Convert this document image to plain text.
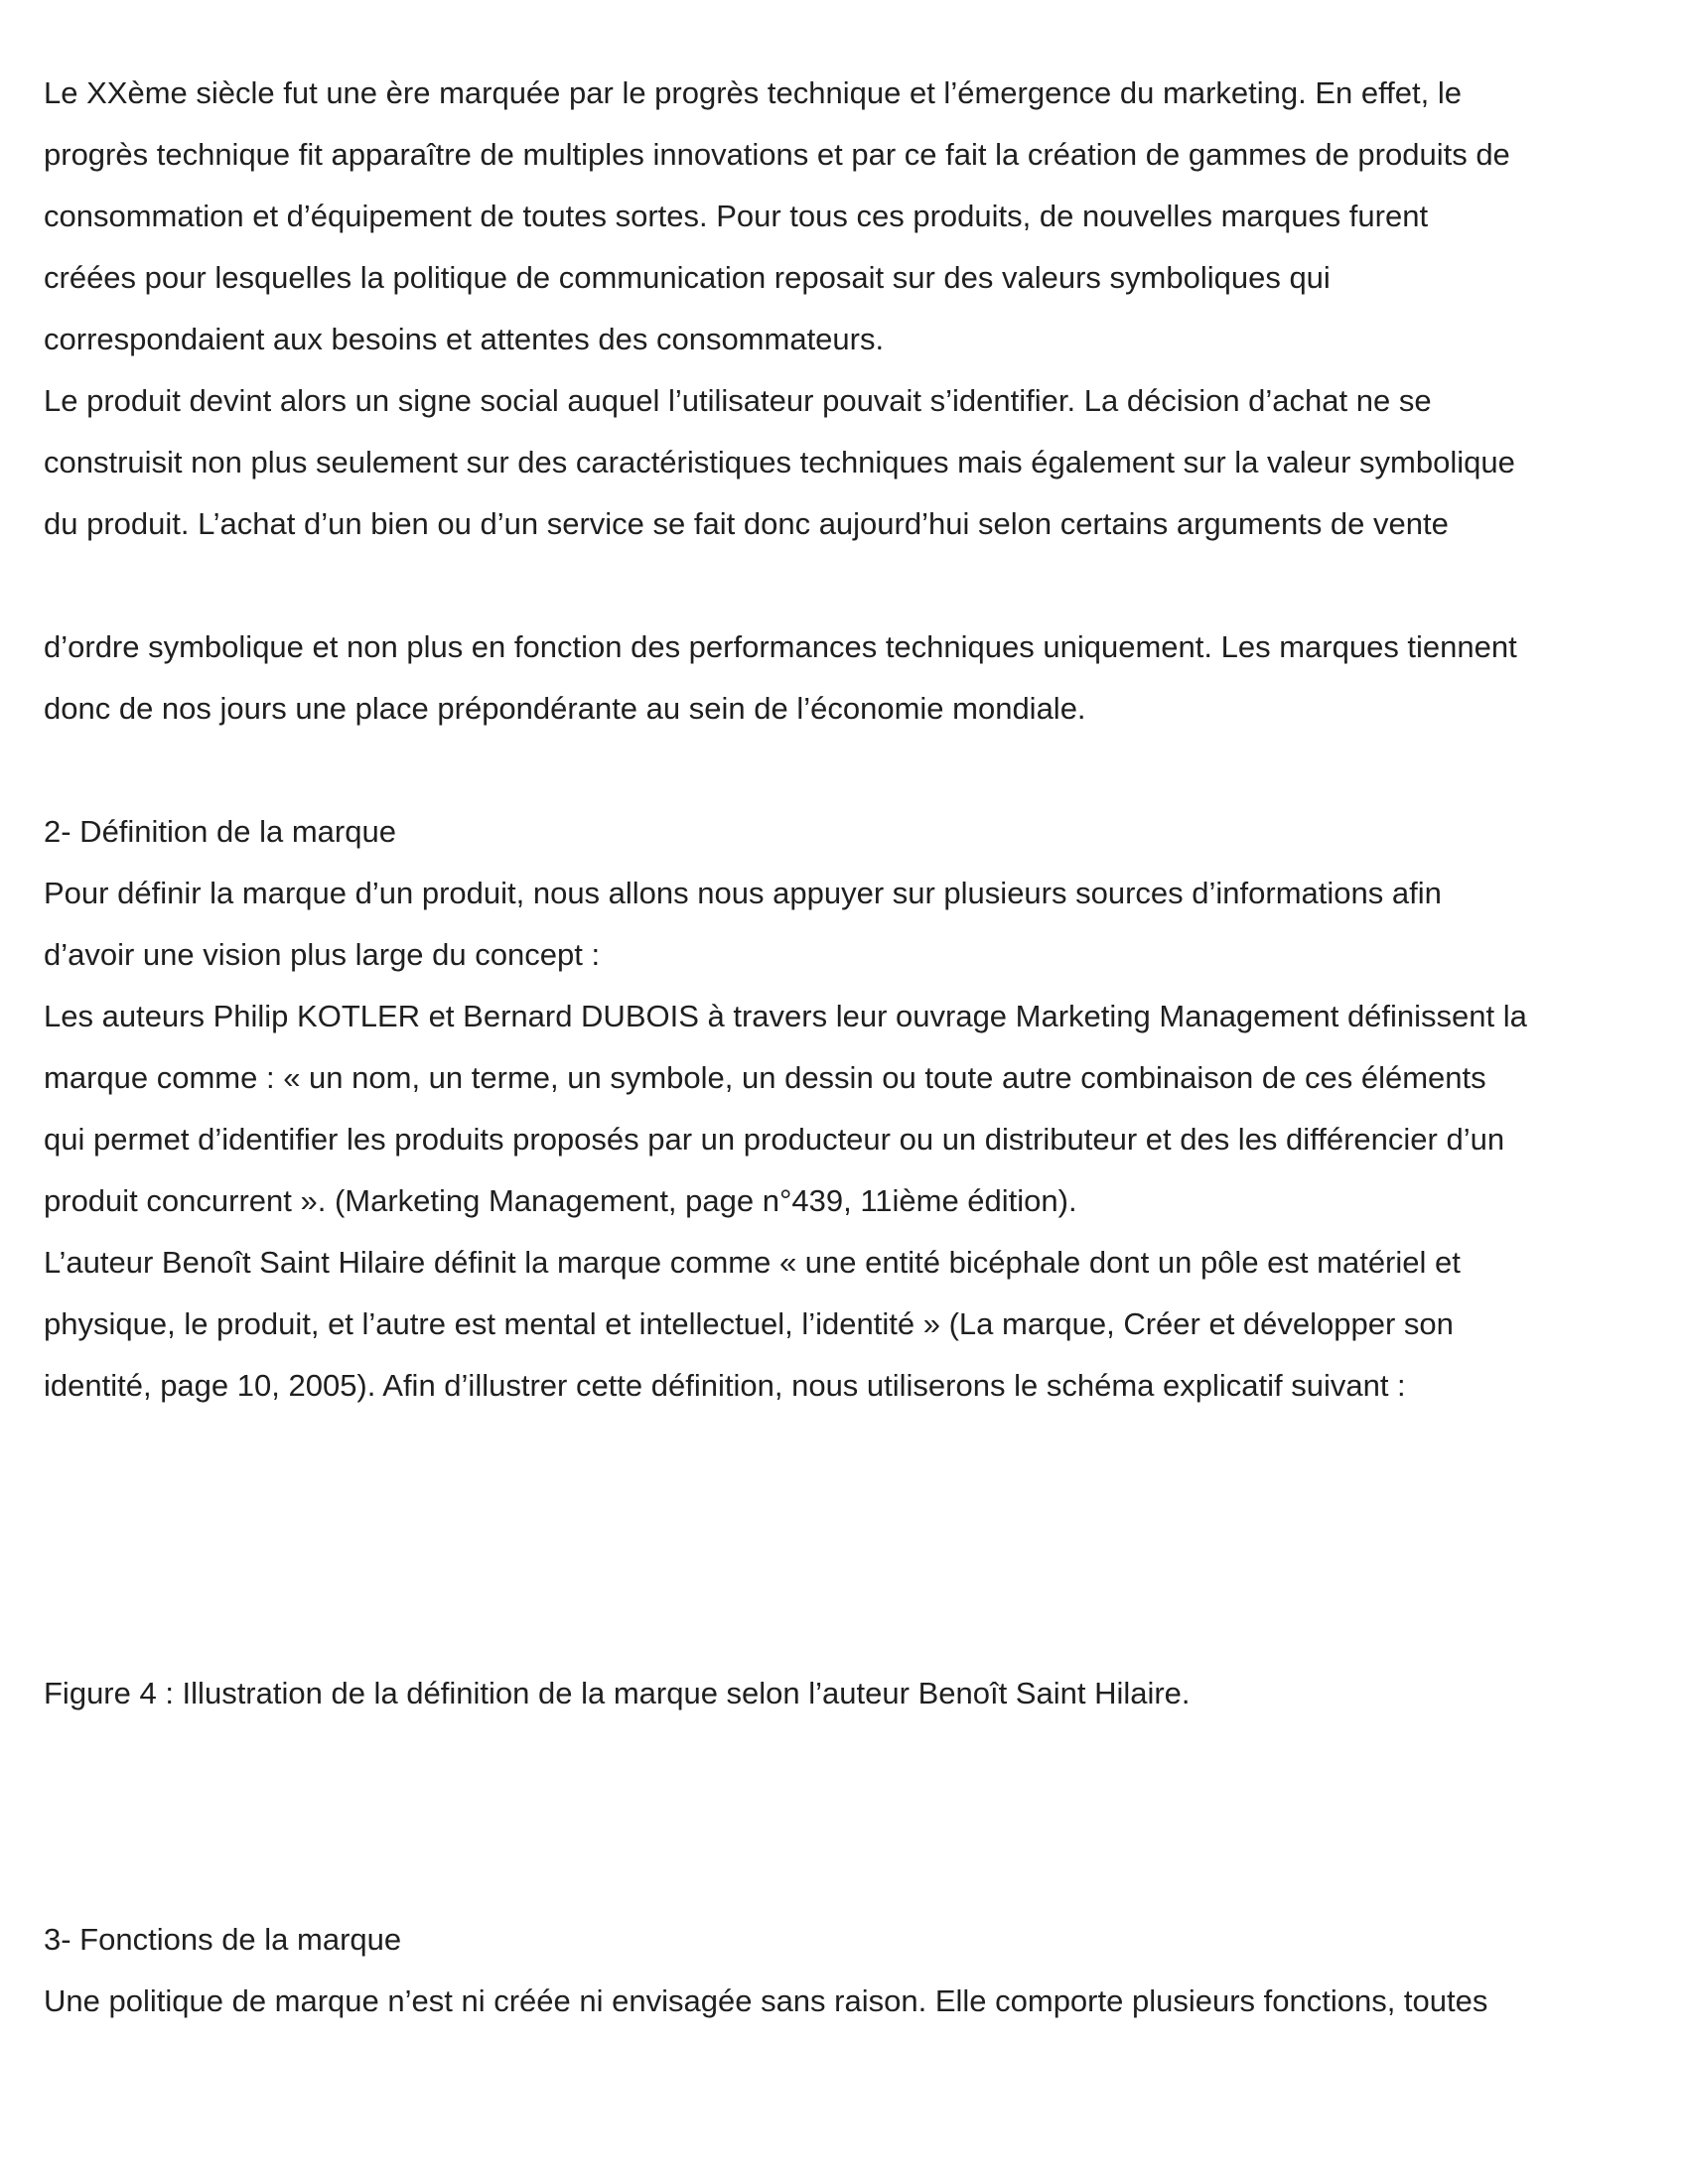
Le XXème siècle fut une ère marquée par le progrès technique et l’émergence du marketing. En effet, le

progrès technique fit apparaître de multiples innovations et par ce fait la création de gammes de produits de

consommation et d’équipement de toutes sortes. Pour tous ces produits, de nouvelles marques furent

créées pour lesquelles la politique de communication reposait sur des valeurs symboliques qui

correspondaient aux besoins et attentes des consommateurs.

Le produit devint alors un signe social auquel l’utilisateur pouvait s’identifier. La décision d’achat ne se

construisit non plus seulement sur des caractéristiques techniques mais également sur la valeur symbolique

du produit. L’achat d’un bien ou d’un service se fait donc aujourd’hui selon certains arguments de vente

d’ordre symbolique et non plus en fonction des performances techniques uniquement. Les marques tiennent

donc de nos jours une place prépondérante au sein de l’économie mondiale.

2- Définition de la marque

Pour définir la marque d’un produit, nous allons nous appuyer sur plusieurs sources d’informations afin

d’avoir une vision plus large du concept :

Les auteurs Philip KOTLER et Bernard DUBOIS à travers leur ouvrage Marketing Management définissent la

marque comme : « un nom, un terme, un symbole, un dessin ou toute autre combinaison de ces éléments

qui permet d’identifier les produits proposés par un producteur ou un distributeur et des les différencier d’un

produit concurrent ». (Marketing Management, page n°439, 11ième édition).

L’auteur Benoît Saint Hilaire définit la marque comme « une entité bicéphale dont un pôle est matériel et

physique, le produit, et l’autre est mental et intellectuel, l’identité » (La marque, Créer et développer son

identité, page 10, 2005). Afin d’illustrer cette définition, nous utiliserons le schéma explicatif suivant :

Figure 4 : Illustration de la définition de la marque selon l’auteur Benoît Saint Hilaire.

3- Fonctions de la marque

Une politique de marque n’est ni créée ni envisagée sans raison. Elle comporte plusieurs fonctions, toutes
